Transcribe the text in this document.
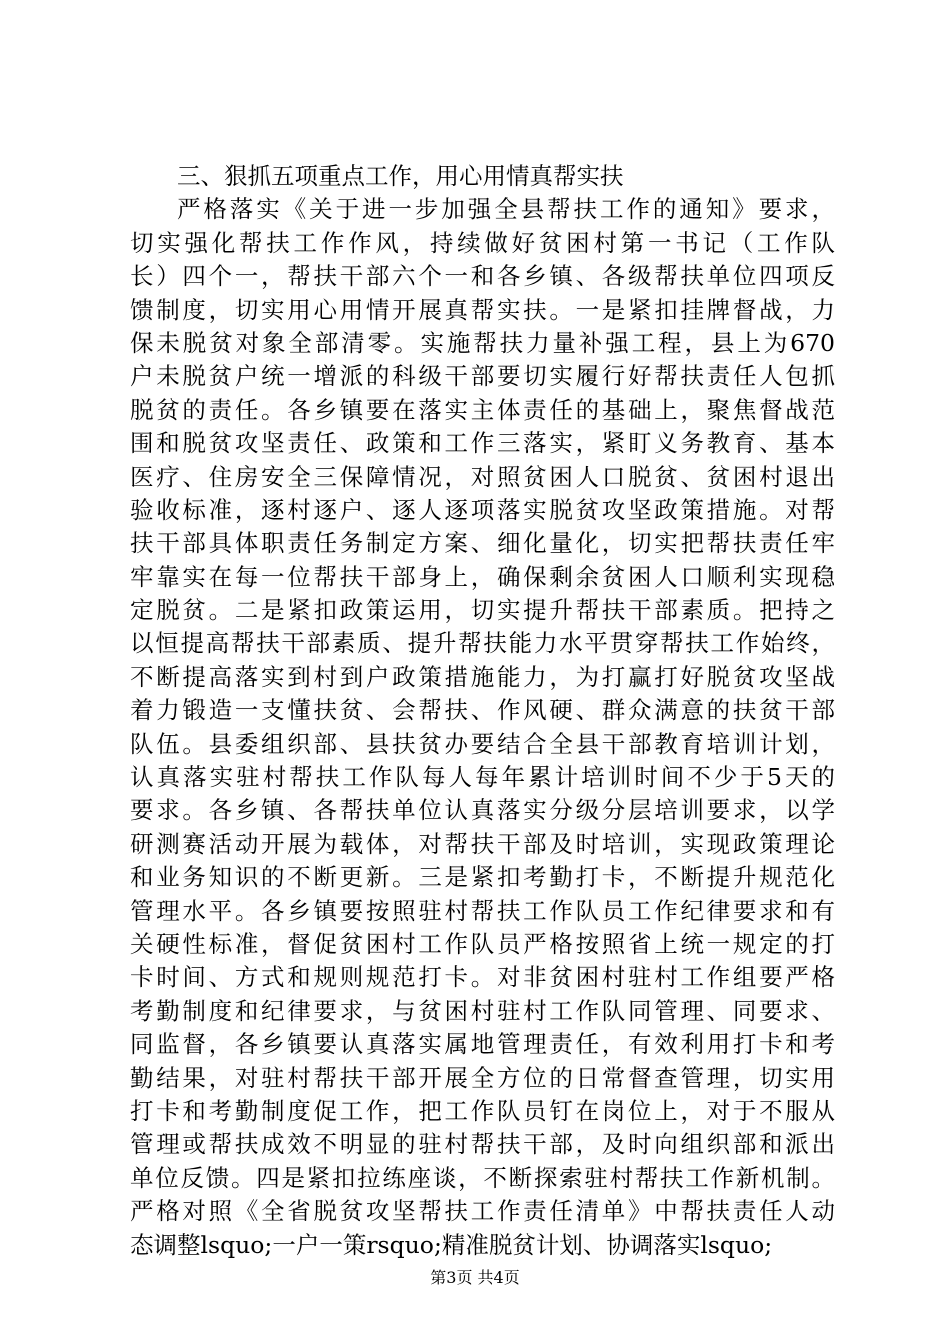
三、狠抓五项重点工作，用心用情真帮实扶
严格落实《关于进一步加强全县帮扶工作的通知》要求，
切实强化帮扶工作作风，持续做好贫困村第一书记（工作队
长）四个一，帮扶干部六个一和各乡镇、各级帮扶单位四项反
馈制度，切实用心用情开展真帮实扶。一是紧扣挂牌督战，力
保未脱贫对象全部清零。实施帮扶力量补强工程，县上为670
户未脱贫户统一增派的科级干部要切实履行好帮扶责任人包抓
脱贫的责任。各乡镇要在落实主体责任的基础上，聚焦督战范
围和脱贫攻坚责任、政策和工作三落实，紧盯义务教育、基本
医疗、住房安全三保障情况，对照贫困人口脱贫、贫困村退出
验收标准，逐村逐户、逐人逐项落实脱贫攻坚政策措施。对帮
扶干部具体职责任务制定方案、细化量化，切实把帮扶责任牢
牢靠实在每一位帮扶干部身上，确保剩余贫困人口顺利实现稳
定脱贫。二是紧扣政策运用，切实提升帮扶干部素质。把持之
以恒提高帮扶干部素质、提升帮扶能力水平贯穿帮扶工作始终，
不断提高落实到村到户政策措施能力，为打赢打好脱贫攻坚战
着力锻造一支懂扶贫、会帮扶、作风硬、群众满意的扶贫干部
队伍。县委组织部、县扶贫办要结合全县干部教育培训计划，
认真落实驻村帮扶工作队每人每年累计培训时间不少于5天的
要求。各乡镇、各帮扶单位认真落实分级分层培训要求，以学
研测赛活动开展为载体，对帮扶干部及时培训，实现政策理论
和业务知识的不断更新。三是紧扣考勤打卡，不断提升规范化
管理水平。各乡镇要按照驻村帮扶工作队员工作纪律要求和有
关硬性标准，督促贫困村工作队员严格按照省上统一规定的打
卡时间、方式和规则规范打卡。对非贫困村驻村工作组要严格
考勤制度和纪律要求，与贫困村驻村工作队同管理、同要求、
同监督，各乡镇要认真落实属地管理责任，有效利用打卡和考
勤结果，对驻村帮扶干部开展全方位的日常督查管理，切实用
打卡和考勤制度促工作，把工作队员钉在岗位上，对于不服从
管理或帮扶成效不明显的驻村帮扶干部，及时向组织部和派出
单位反馈。四是紧扣拉练座谈，不断探索驻村帮扶工作新机制。
严格对照《全省脱贫攻坚帮扶工作责任清单》中帮扶责任人动
态调整lsquo;一户一策rsquo;精准脱贫计划、协调落实lsquo;
第3页 共4页
